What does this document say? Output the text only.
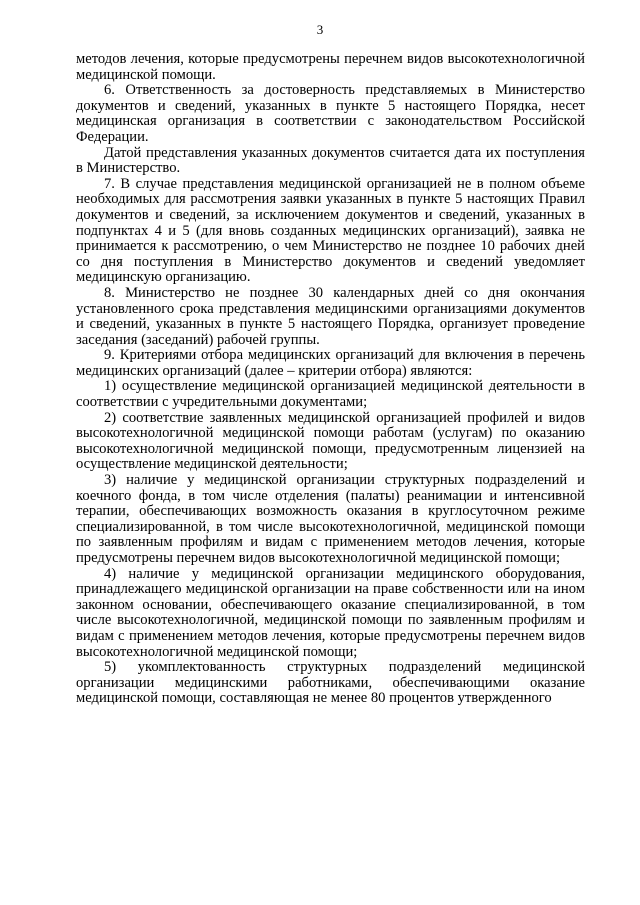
3

методов лечения, которые предусмотрены перечнем видов высокотехнологичной медицинской помощи.

6. Ответственность за достоверность представляемых в Министерство документов и сведений, указанных в пункте 5 настоящего Порядка, несет медицинская организация в соответствии с законодательством Российской Федерации.

Датой представления указанных документов считается дата их поступления в Министерство.

7. В случае представления медицинской организацией не в полном объеме необходимых для рассмотрения заявки указанных в пункте 5 настоящих Правил документов и сведений, за исключением документов и сведений, указанных в подпунктах 4 и 5 (для вновь созданных медицинских организаций), заявка не принимается к рассмотрению, о чем Министерство не позднее 10 рабочих дней со дня поступления в Министерство документов и сведений уведомляет медицинскую организацию.

8. Министерство не позднее 30 календарных дней со дня окончания установленного срока представления медицинскими организациями документов и сведений, указанных в пункте 5 настоящего Порядка, организует проведение заседания (заседаний) рабочей группы.

9. Критериями отбора медицинских организаций для включения в перечень медицинских организаций (далее – критерии отбора) являются:

1) осуществление медицинской организацией медицинской деятельности в соответствии с учредительными документами;

2) соответствие заявленных медицинской организацией профилей и видов высокотехнологичной медицинской помощи работам (услугам) по оказанию высокотехнологичной медицинской помощи, предусмотренным лицензией на осуществление медицинской деятельности;

3) наличие у медицинской организации структурных подразделений и коечного фонда, в том числе отделения (палаты) реанимации и интенсивной терапии, обеспечивающих возможность оказания в круглосуточном режиме специализированной, в том числе высокотехнологичной, медицинской помощи по заявленным профилям и видам с применением методов лечения, которые предусмотрены перечнем видов высокотехнологичной медицинской помощи;

4) наличие у медицинской организации медицинского оборудования, принадлежащего медицинской организации на праве собственности или на ином законном основании, обеспечивающего оказание специализированной, в том числе высокотехнологичной, медицинской помощи по заявленным профилям и видам с применением методов лечения, которые предусмотрены перечнем видов высокотехнологичной медицинской помощи;

5) укомплектованность структурных подразделений медицинской организации медицинскими работниками, обеспечивающими оказание медицинской помощи, составляющая не менее 80 процентов утвержденного
